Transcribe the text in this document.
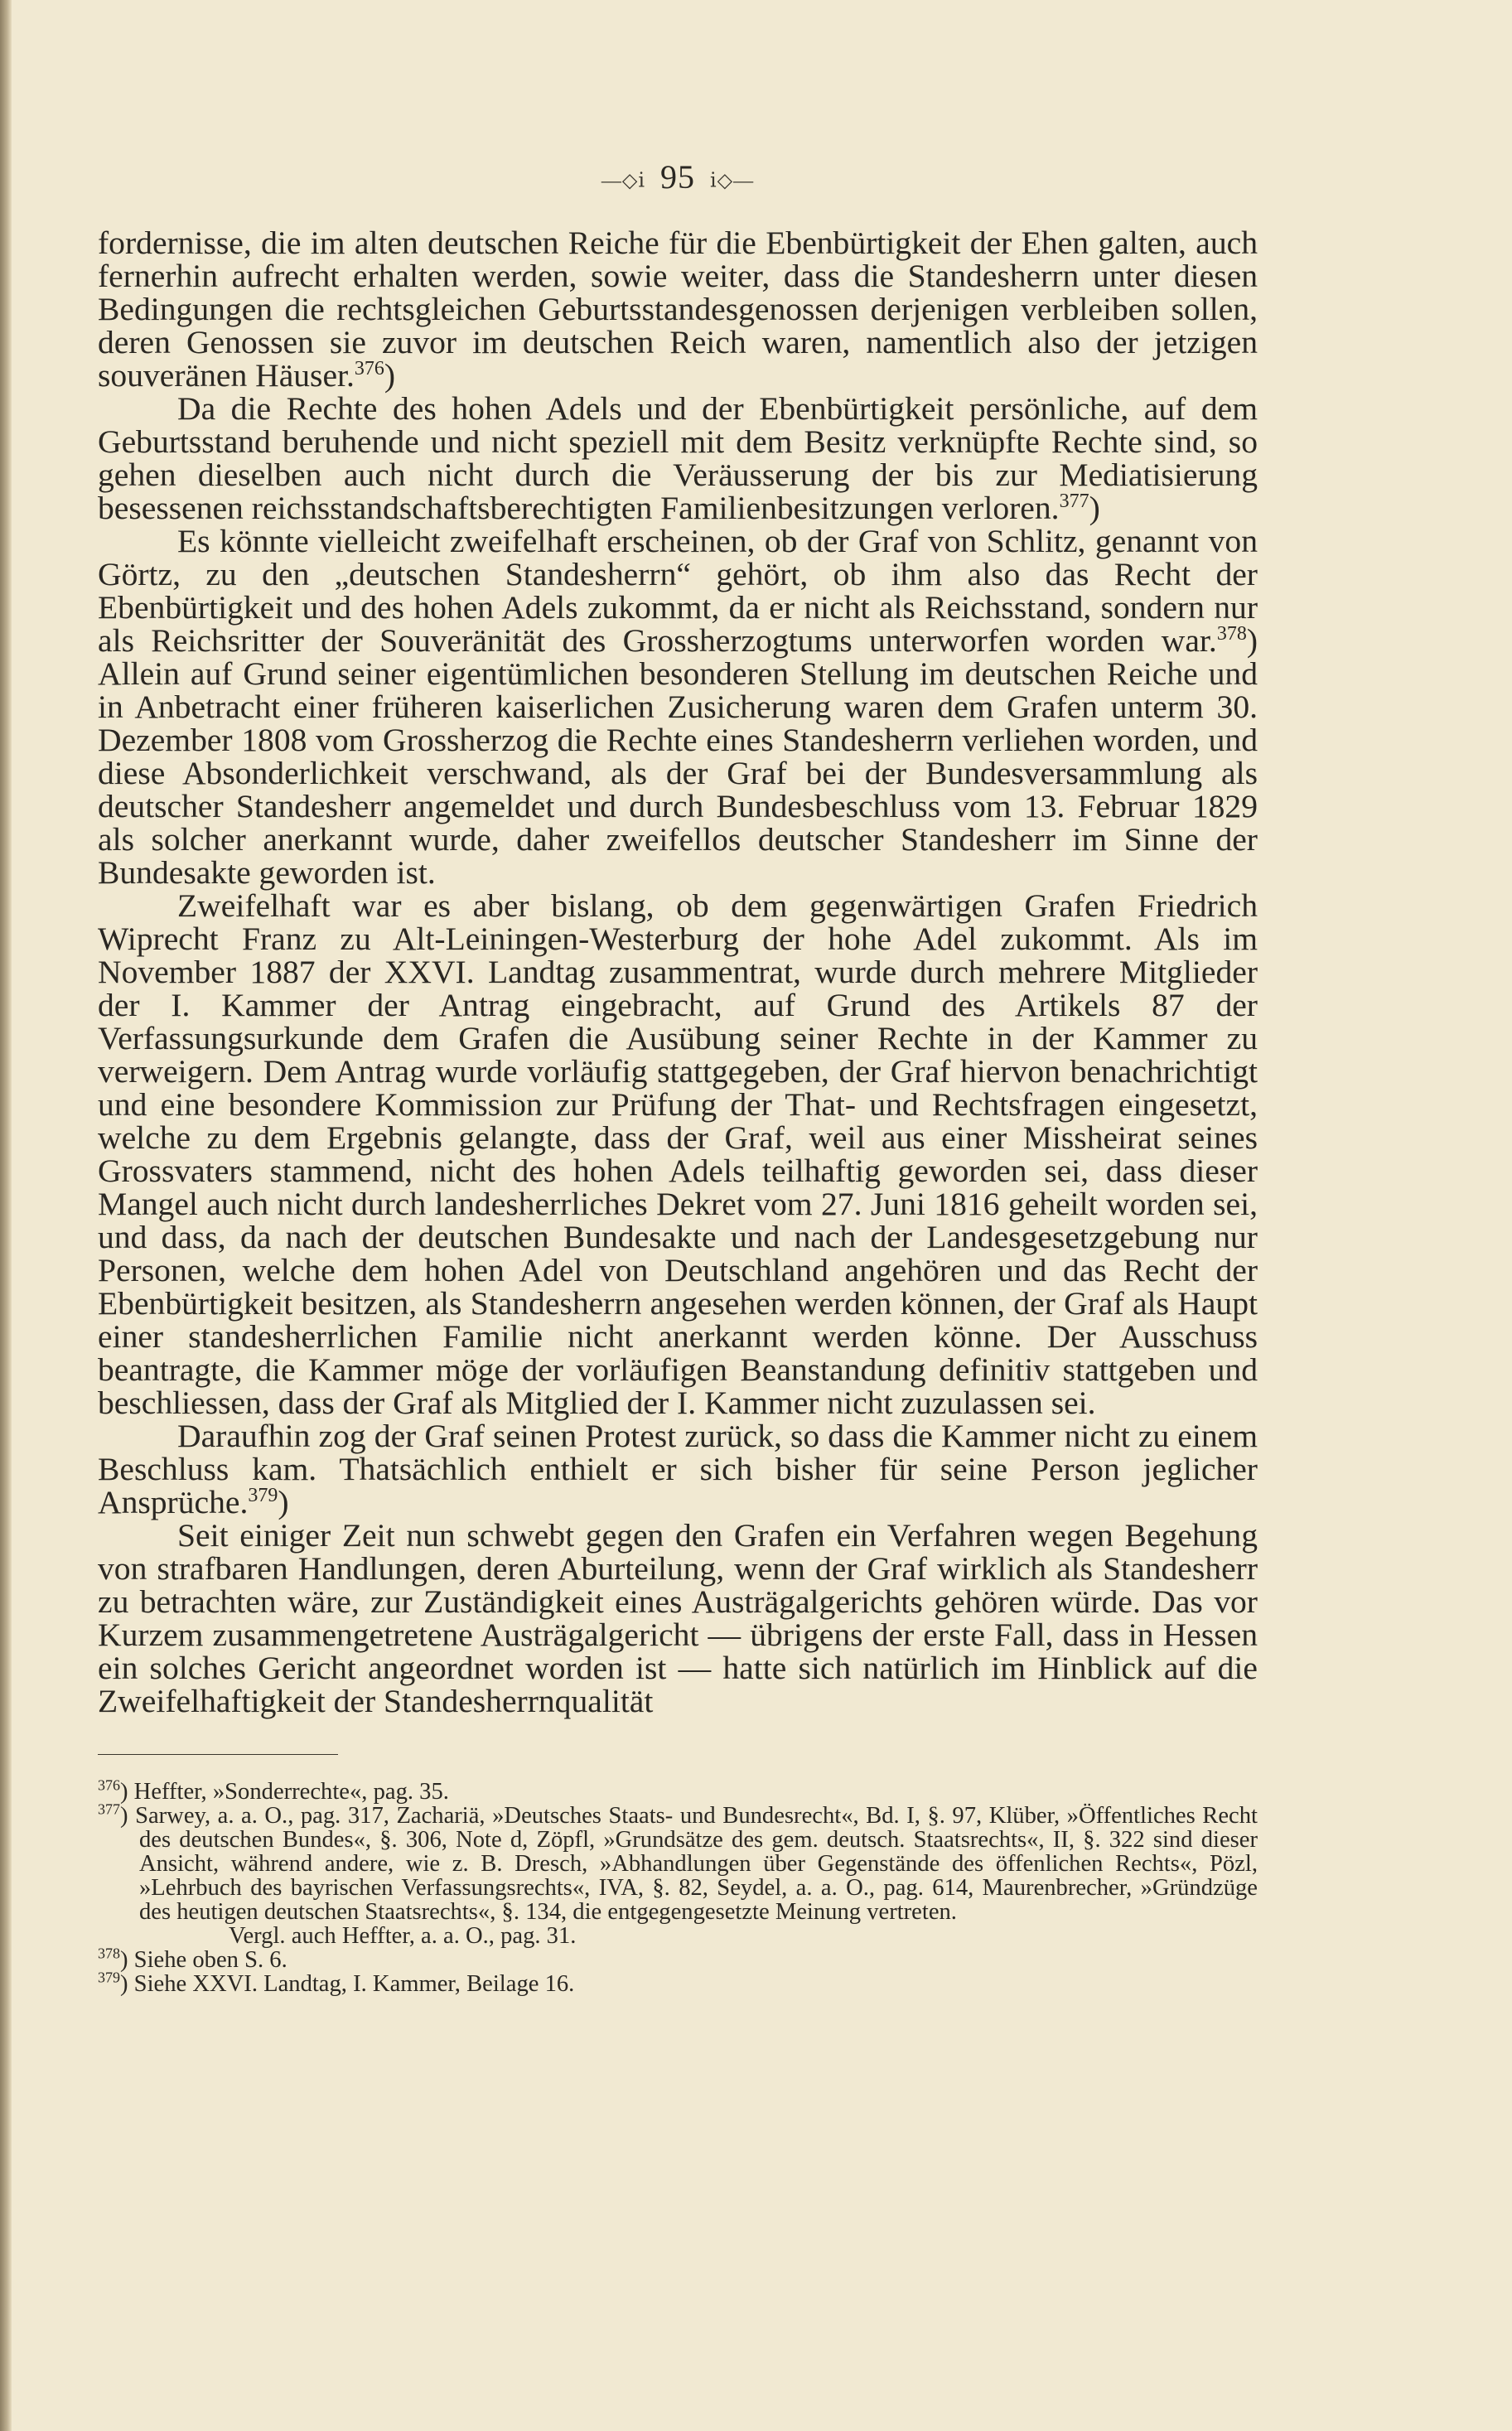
—◇ⅰ 95 ⅰ◇—

fordernisse, die im alten deutschen Reiche für die Ebenbürtigkeit der Ehen galten, auch fernerhin aufrecht erhalten werden, sowie weiter, dass die Standesherrn unter diesen Bedingungen die rechtsgleichen Geburtsstandesgenossen derjenigen verbleiben sollen, deren Genossen sie zuvor im deutschen Reich waren, namentlich also der jetzigen souveränen Häuser.$^{376}$)

Da die Rechte des hohen Adels und der Ebenbürtigkeit persönliche, auf dem Geburtsstand beruhende und nicht speziell mit dem Besitz verknüpfte Rechte sind, so gehen dieselben auch nicht durch die Veräusserung der bis zur Mediatisierung besessenen reichsstandschaftsberechtigten Familienbesitzungen verloren.$^{377}$)

Es könnte vielleicht zweifelhaft erscheinen, ob der Graf von Schlitz, genannt von Görtz, zu den „deutschen Standesherrn“ gehört, ob ihm also das Recht der Ebenbürtigkeit und des hohen Adels zukommt, da er nicht als Reichsstand, sondern nur als Reichsritter der Souveränität des Grossherzogtums unterworfen worden war.$^{378}$) Allein auf Grund seiner eigentümlichen besonderen Stellung im deutschen Reiche und in Anbetracht einer früheren kaiserlichen Zusicherung waren dem Grafen unterm 30. Dezember 1808 vom Grossherzog die Rechte eines Standesherrn verliehen worden, und diese Absonderlichkeit verschwand, als der Graf bei der Bundesversammlung als deutscher Standesherr angemeldet und durch Bundesbeschluss vom 13. Februar 1829 als solcher anerkannt wurde, daher zweifellos deutscher Standesherr im Sinne der Bundesakte geworden ist.

Zweifelhaft war es aber bislang, ob dem gegenwärtigen Grafen Friedrich Wiprecht Franz zu Alt-Leiningen-Westerburg der hohe Adel zukommt. Als im November 1887 der XXVI. Landtag zusammentrat, wurde durch mehrere Mitglieder der I. Kammer der Antrag eingebracht, auf Grund des Artikels 87 der Verfassungsurkunde dem Grafen die Ausübung seiner Rechte in der Kammer zu verweigern. Dem Antrag wurde vorläufig stattgegeben, der Graf hiervon benachrichtigt und eine besondere Kommission zur Prüfung der That- und Rechtsfragen eingesetzt, welche zu dem Ergebnis gelangte, dass der Graf, weil aus einer Missheirat seines Grossvaters stammend, nicht des hohen Adels teilhaftig geworden sei, dass dieser Mangel auch nicht durch landesherrliches Dekret vom 27. Juni 1816 geheilt worden sei, und dass, da nach der deutschen Bundesakte und nach der Landesgesetzgebung nur Personen, welche dem hohen Adel von Deutschland angehören und das Recht der Ebenbürtigkeit besitzen, als Standesherrn angesehen werden können, der Graf als Haupt einer standesherrlichen Familie nicht anerkannt werden könne. Der Ausschuss beantragte, die Kammer möge der vorläufigen Beanstandung definitiv stattgeben und beschliessen, dass der Graf als Mitglied der I. Kammer nicht zuzulassen sei.

Daraufhin zog der Graf seinen Protest zurück, so dass die Kammer nicht zu einem Beschluss kam. Thatsächlich enthielt er sich bisher für seine Person jeglicher Ansprüche.$^{379}$)

Seit einiger Zeit nun schwebt gegen den Grafen ein Verfahren wegen Begehung von strafbaren Handlungen, deren Aburteilung, wenn der Graf wirklich als Standesherr zu betrachten wäre, zur Zuständigkeit eines Austrägalgerichts gehören würde. Das vor Kurzem zusammengetretene Austrägalgericht — übrigens der erste Fall, dass in Hessen ein solches Gericht angeordnet worden ist — hatte sich natürlich im Hinblick auf die Zweifelhaftigkeit der Standesherrnqualität

$^{376}$) Heffter, »Sonderrechte«, pag. 35.

$^{377}$) Sarwey, a. a. O., pag. 317, Zachariä, »Deutsches Staats- und Bundesrecht«, Bd. I, §. 97, Klüber, »Öffentliches Recht des deutschen Bundes«, §. 306, Note d, Zöpfl, »Grundsätze des gem. deutsch. Staatsrechts«, II, §. 322 sind dieser Ansicht, während andere, wie z. B. Dresch, »Abhandlungen über Gegenstände des öffenlichen Rechts«, Pözl, »Lehrbuch des bayrischen Verfassungsrechts«, IVA, §. 82, Seydel, a. a. O., pag. 614, Maurenbrecher, »Gründzüge des heutigen deutschen Staatsrechts«, §. 134, die entgegengesetzte Meinung vertreten.

Vergl. auch Heffter, a. a. O., pag. 31.

$^{378}$) Siehe oben S. 6.

$^{379}$) Siehe XXVI. Landtag, I. Kammer, Beilage 16.
